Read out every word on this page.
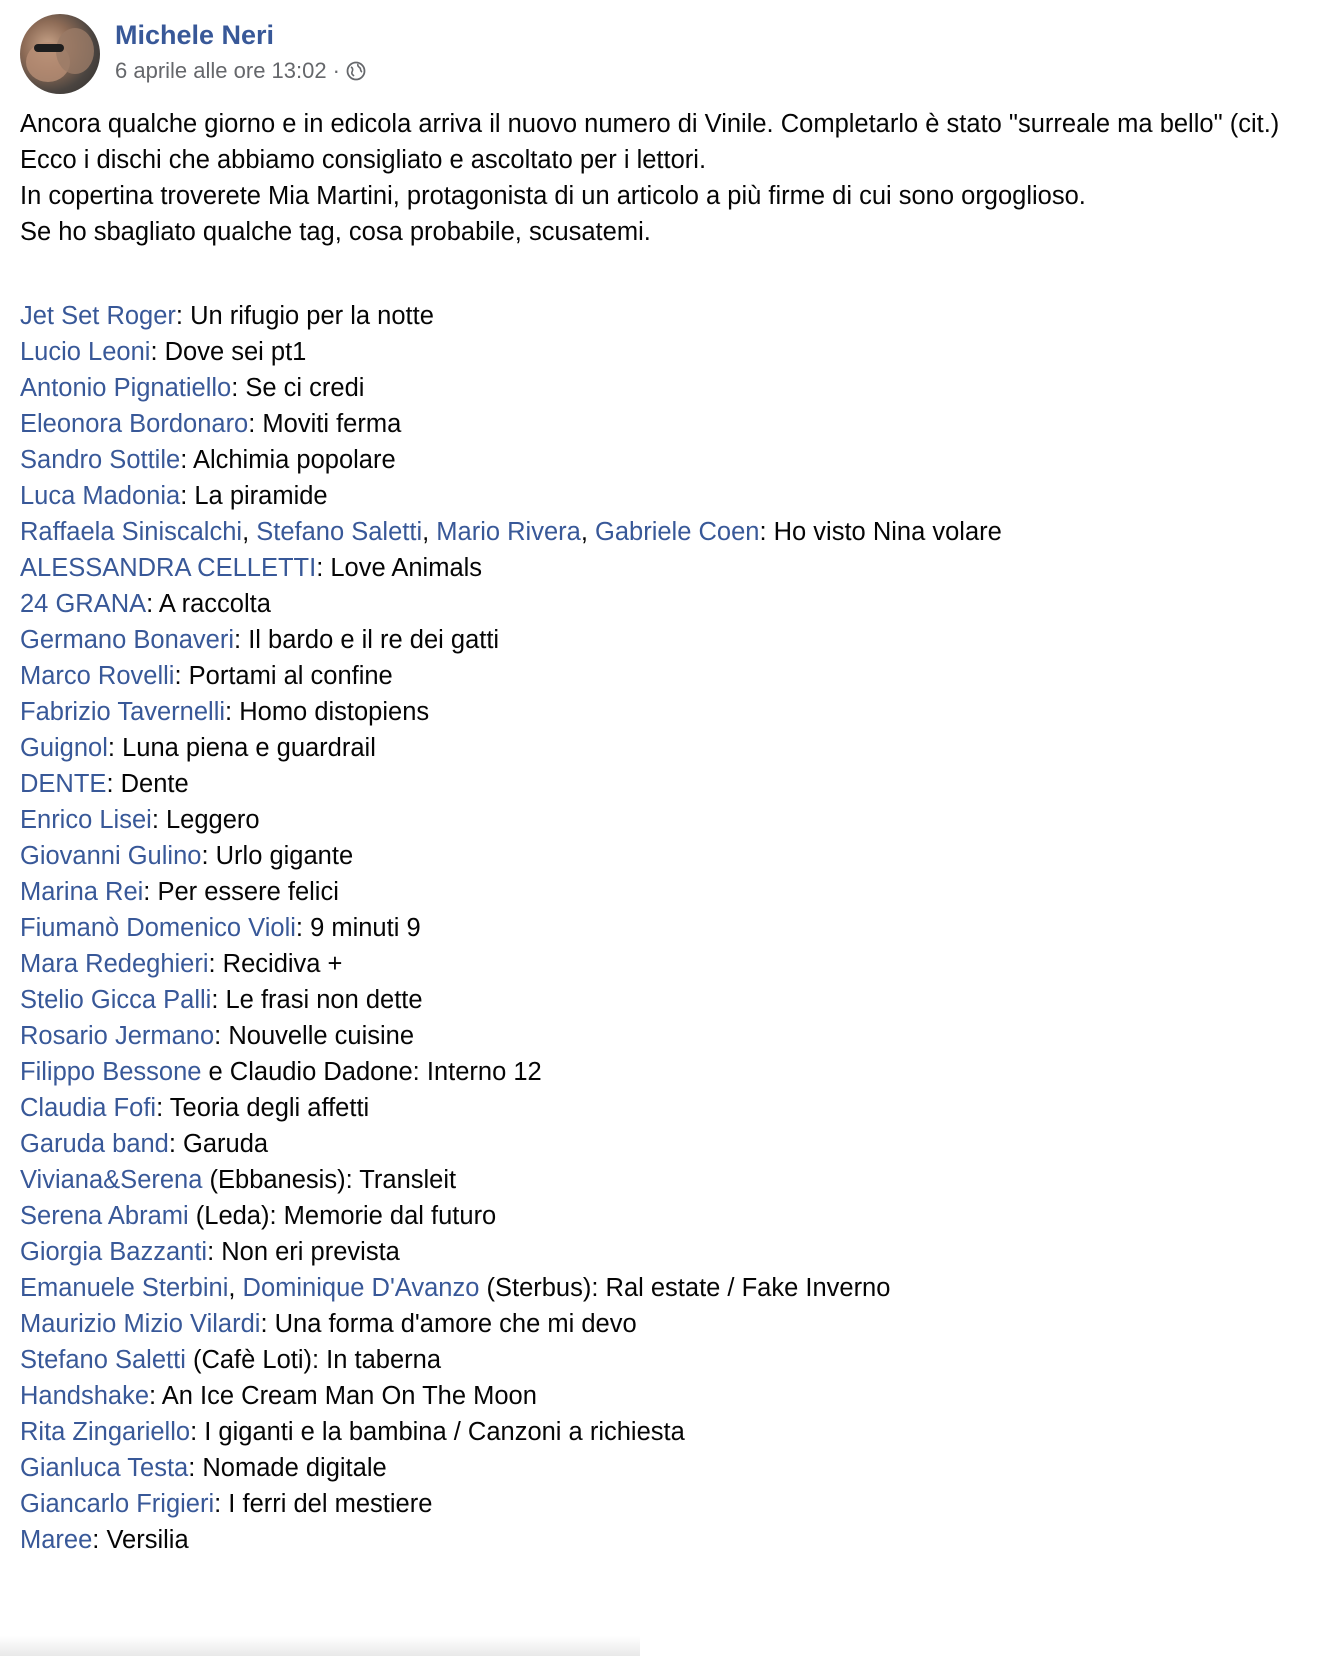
Michele Neri
6 aprile alle ore 13:02 ·

Ancora qualche giorno e in edicola arriva il nuovo numero di Vinile. Completarlo è stato "surreale ma bello" (cit.)

Ecco i dischi che abbiamo consigliato e ascoltato per i lettori.

In copertina troverete Mia Martini, protagonista di un articolo a più firme di cui sono orgoglioso.

Se ho sbagliato qualche tag, cosa probabile, scusatemi.

Jet Set Roger: Un rifugio per la notte
Lucio Leoni: Dove sei pt1
Antonio Pignatiello: Se ci credi
Eleonora Bordonaro: Moviti ferma
Sandro Sottile: Alchimia popolare
Luca Madonia: La piramide
Raffaela Siniscalchi, Stefano Saletti, Mario Rivera, Gabriele Coen: Ho visto Nina volare
ALESSANDRA CELLETTI: Love Animals
24 GRANA: A raccolta
Germano Bonaveri: Il bardo e il re dei gatti
Marco Rovelli: Portami al confine
Fabrizio Tavernelli: Homo distopiens
Guignol: Luna piena e guardrail
DENTE: Dente
Enrico Lisei: Leggero
Giovanni Gulino: Urlo gigante
Marina Rei: Per essere felici
Fiumanò Domenico Violi: 9 minuti 9
Mara Redeghieri: Recidiva +
Stelio Gicca Palli: Le frasi non dette
Rosario Jermano: Nouvelle cuisine
Filippo Bessone e Claudio Dadone: Interno 12
Claudia Fofi: Teoria degli affetti
Garuda band: Garuda
Viviana&Serena (Ebbanesis): Transleit
Serena Abrami (Leda): Memorie dal futuro
Giorgia Bazzanti: Non eri prevista
Emanuele Sterbini, Dominique D'Avanzo (Sterbus): Ral estate / Fake Inverno
Maurizio Mizio Vilardi: Una forma d'amore che mi devo
Stefano Saletti (Cafè Loti): In taberna
Handshake: An Ice Cream Man On The Moon
Rita Zingariello: I giganti e la bambina / Canzoni a richiesta
Gianluca Testa: Nomade digitale
Giancarlo Frigieri: I ferri del mestiere
Maree: Versilia
